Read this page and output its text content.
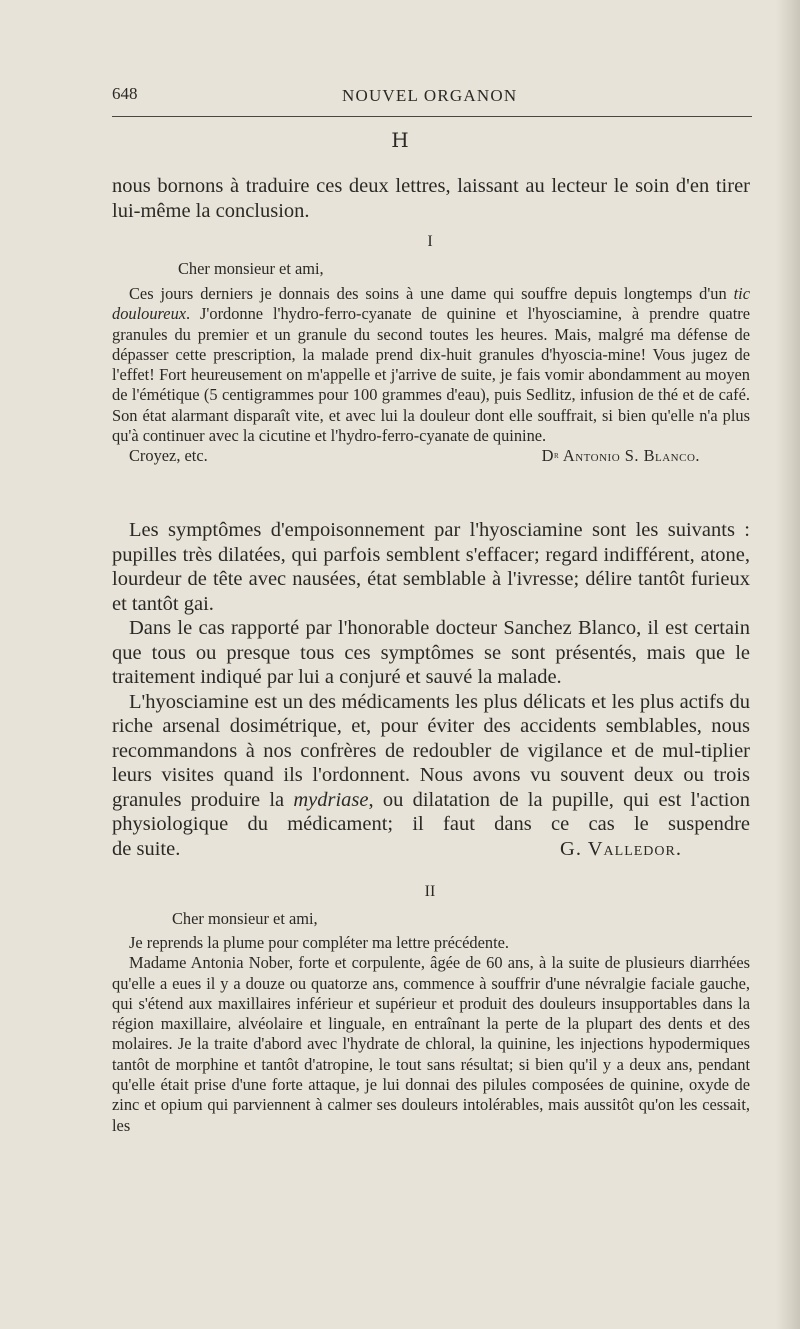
648	NOUVEL ORGANON
H

nous bornons à traduire ces deux lettres, laissant au lecteur le soin d'en tirer lui-même la conclusion.

I
Cher monsieur et ami,

Ces jours derniers je donnais des soins à une dame qui souffre depuis longtemps d'un tic douloureux. J'ordonne l'hydro-ferro-cyanate de quinine et l'hyosciamine, à prendre quatre granules du premier et un granule du second toutes les heures. Mais, malgré ma défense de dépasser cette prescription, la malade prend dix-huit granules d'hyoscia-mine! Vous jugez de l'effet! Fort heureusement on m'appelle et j'arrive de suite, je fais vomir abondamment au moyen de l'émétique (5 centigrammes pour 100 grammes d'eau), puis Sedlitz, infusion de thé et de café. Son état alarmant disparaît vite, et avec lui la douleur dont elle souffrait, si bien qu'elle n'a plus qu'à continuer avec la cicutine et l'hydro-ferro-cyanate de quinine.

Croyez, etc.	$D^r$ Antonio S. Blanco.

Les symptômes d'empoisonnement par l'hyosciamine sont les suivants : pupilles très dilatées, qui parfois semblent s'effacer; regard indifférent, atone, lourdeur de tête avec nausées, état semblable à l'ivresse; délire tantôt furieux et tantôt gai.

Dans le cas rapporté par l'honorable docteur Sanchez Blanco, il est certain que tous ou presque tous ces symptômes se sont présentés, mais que le traitement indiqué par lui a conjuré et sauvé la malade.

L'hyosciamine est un des médicaments les plus délicats et les plus actifs du riche arsenal dosimétrique, et, pour éviter des accidents semblables, nous recommandons à nos confrères de redoubler de vigilance et de mul-tiplier leurs visites quand ils l'ordonnent. Nous avons vu souvent deux ou trois granules produire la mydriase, ou dilatation de la pupille, qui est l'action physiologique du médicament; il faut dans ce cas le suspendre

de suite.	G. Valledor.
II
Cher monsieur et ami,

Je reprends la plume pour compléter ma lettre précédente.

Madame Antonia Nober, forte et corpulente, âgée de 60 ans, à la suite de plusieurs diarrhées qu'elle a eues il y a douze ou quatorze ans, commence à souffrir d'une névralgie faciale gauche, qui s'étend aux maxillaires inférieur et supérieur et produit des douleurs insupportables dans la région maxillaire, alvéolaire et linguale, en entraînant la perte de la plupart des dents et des molaires. Je la traite d'abord avec l'hydrate de chloral, la quinine, les injections hypodermiques tantôt de morphine et tantôt d'atropine, le tout sans résultat; si bien qu'il y a deux ans, pendant qu'elle était prise d'une forte attaque, je lui donnai des pilules composées de quinine, oxyde de zinc et opium qui parviennent à calmer ses douleurs intolérables, mais aussitôt qu'on les cessait, les
